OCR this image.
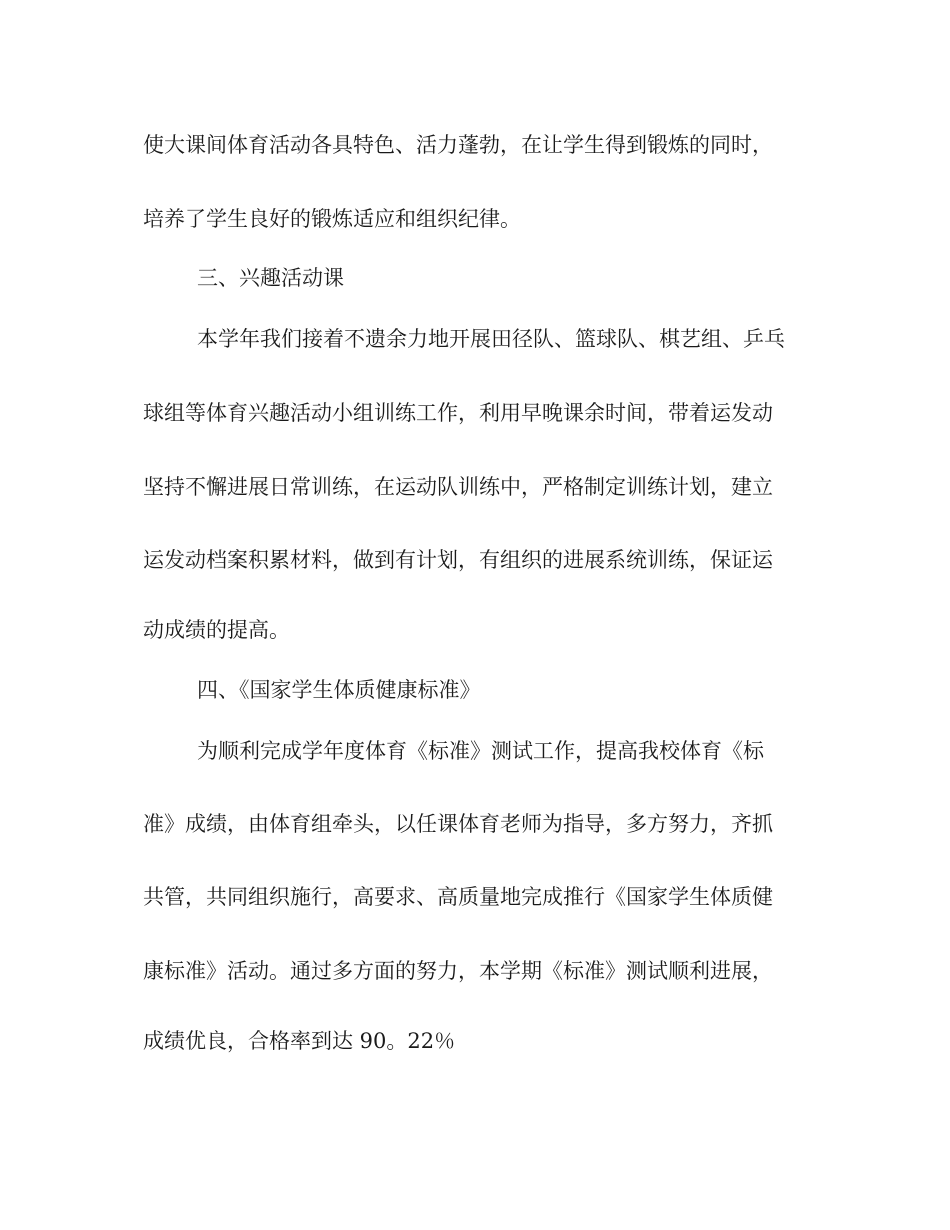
使大课间体育活动各具特色、活力蓬勃，在让学生得到锻炼的同时，
培养了学生良好的锻炼适应和组织纪律。
三、兴趣活动课
本学年我们接着不遗余力地开展田径队、篮球队、棋艺组、乒乓
球组等体育兴趣活动小组训练工作，利用早晚课余时间，带着运发动
坚持不懈进展日常训练，在运动队训练中，严格制定训练计划，建立
运发动档案积累材料，做到有计划，有组织的进展系统训练，保证运
动成绩的提高。
四、《国家学生体质健康标准》
为顺利完成学年度体育《标准》测试工作，提高我校体育《标
准》成绩，由体育组牵头，以任课体育老师为指导，多方努力，齐抓
共管，共同组织施行，高要求、高质量地完成推行《国家学生体质健
康标准》活动。通过多方面的努力，本学期《标准》测试顺利进展，
成绩优良，合格率到达 90。22％
